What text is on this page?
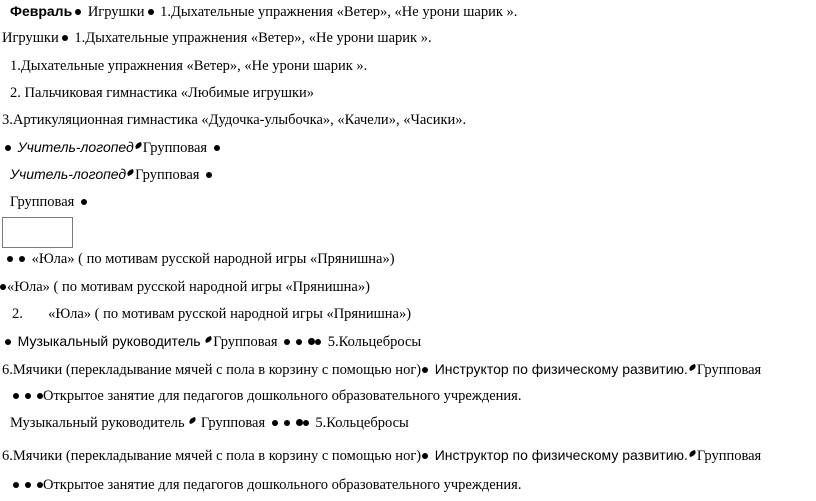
Февраль Игрушки 1.Дыхательные упражнения «Ветер», «Не урони шарик ».
Игрушки 1.Дыхательные упражнения «Ветер», «Не урони шарик ».
1.Дыхательные упражнения «Ветер», «Не урони шарик ».
2. Пальчиковая гимнастика «Любимые игрушки»
3.Артикуляционная гимнастика «Дудочка-улыбочка», «Качели», «Часики».
Учитель-логопед Групповая
Учитель-логопед Групповая
Групповая
«Юла» ( по мотивам русской народной игры «Прянишна»)
«Юла» ( по мотивам русской народной игры «Прянишна»)
2. «Юла» ( по мотивам русской народной игры «Прянишна»)
Музыкальный руководитель Групповая	5.Кольцебросы
6.Мячики (перекладывание мячей с пола в корзину с помощью ног) Инструктор по физическому развитию. Групповая
Открытое занятие для педагогов дошкольного образовательного учреждения.
Музыкальный руководитель Групповая	5.Кольцебросы
6.Мячики (перекладывание мячей с пола в корзину с помощью ног) Инструктор по физическому развитию. Групповая
Открытое занятие для педагогов дошкольного образовательного учреждения.
